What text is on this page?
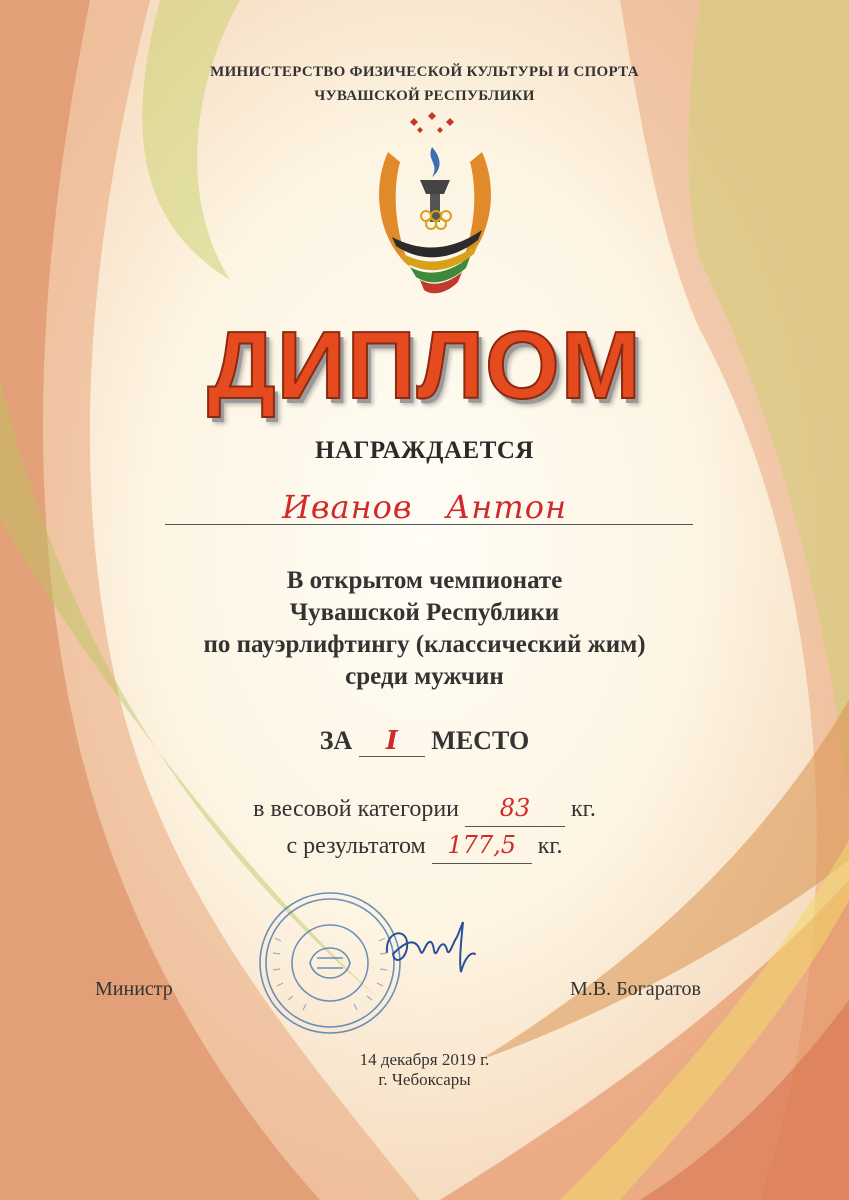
МИНИСТЕРСТВО ФИЗИЧЕСКОЙ КУЛЬТУРЫ И СПОРТА
ЧУВАШСКОЙ РЕСПУБЛИКИ
ДИПЛОМ
НАГРАЖДАЕТСЯ
Иванов   Антон
В открытом чемпионате
Чувашской Республики
по пауэрлифтингу (классический жим)
среди мужчин
ЗА I МЕСТО
в весовой категории 83 кг.
с результатом 177,5 кг.
Министр	М.В. Богаратов
14 декабря 2019 г.
г. Чебоксары
